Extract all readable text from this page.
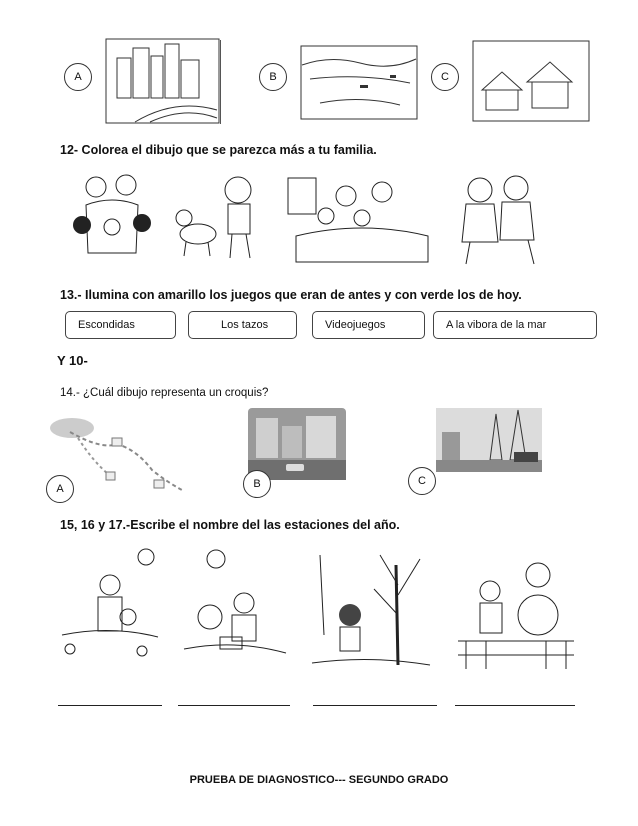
A	B	C
12- Colorea el dibujo que se parezca más a tu familia.
13.- Ilumina con amarillo los juegos que eran de antes y con verde los de hoy.
Escondidas	Los tazos	Videojuegos	A la vibora de la mar
Y 10-
14.- ¿Cuál dibujo representa un croquis?
A	B	C
15, 16 y 17.-Escribe el nombre del las estaciones del año.
PRUEBA DE DIAGNOSTICO--- SEGUNDO GRADO
